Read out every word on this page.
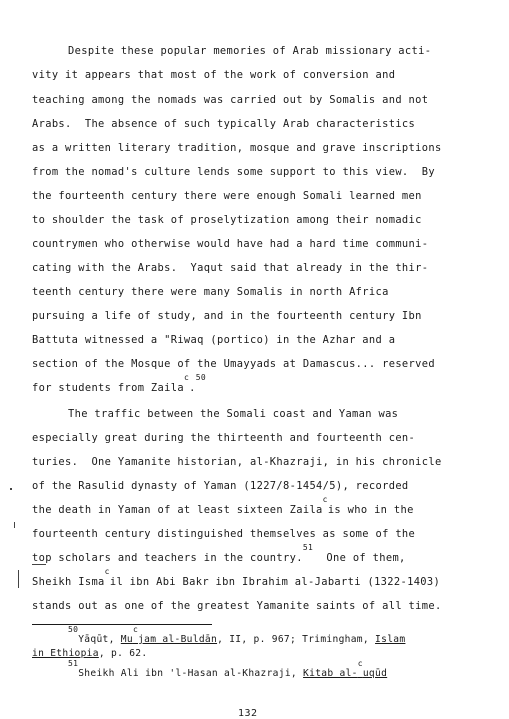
Despite these popular memories of Arab missionary acti-
vity it appears that most of the work of conversion and
teaching among the nomads was carried out by Somalis and not
Arabs.  The absence of such typically Arab characteristics
as a written literary tradition, mosque and grave inscriptions
from the nomad's culture lends some support to this view.  By
the fourteenth century there were enough Somali learned men
to shoulder the task of proselytization among their nomadic
countrymen who otherwise would have had a hard time communi-
cating with the Arabs.  Yaqut said that already in the thir-
teenth century there were many Somalis in north Africa
pursuing a life of study, and in the fourteenth century Ibn
Battuta witnessed a "Riwaq (portico) in the Azhar and a
section of the Mosque of the Umayyads at Damascus... reserved
for students from Zaila$^c$.$^{50}$
The traffic between the Somali coast and Yaman was
especially great during the thirteenth and fourteenth cen-
turies.  One Yamanite historian, al-Khazraji, in his chronicle
of the Rasulid dynasty of Yaman (1227/8-1454/5), recorded
the death in Yaman of at least sixteen Zaila$^c$is who in the
fourteenth century distinguished themselves as some of the
top scholars and teachers in the country.$^{51}$  One of them,
Sheikh Isma$^c$il ibn Abi Bakr ibn Ibrahim al-Jabarti (1322-1403)
stands out as one of the greatest Yamanite saints of all time.
$^{50}$Yāqūt, Mu$^c$jam al-Buldān, II, p. 967; Trimingham, Islam
in Ethiopia, p. 62.
$^{51}$Sheikh Ali ibn 'l-Hasan al-Khazraji, Kitab al-$^c$uqūd
132
